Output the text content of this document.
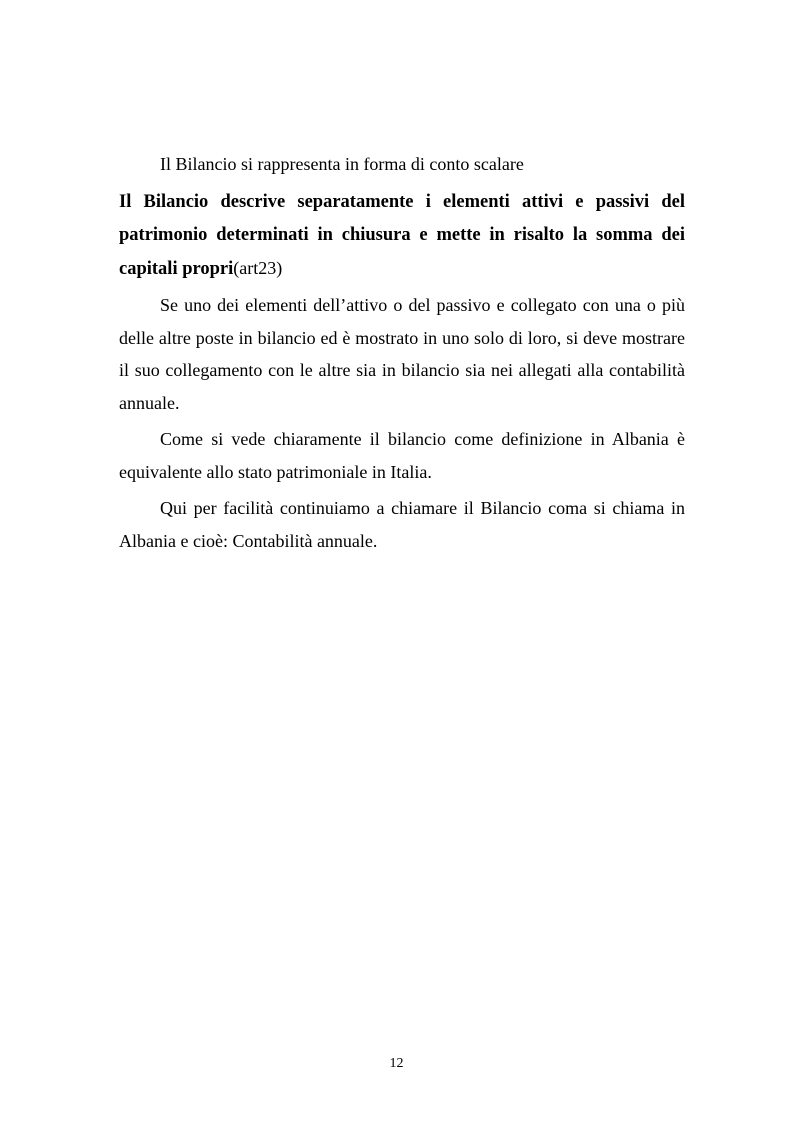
Il Bilancio si rappresenta in forma di conto scalare

Il Bilancio descrive separatamente i elementi attivi e passivi del patrimonio determinati in chiusura e mette in risalto la somma dei capitali propri(art23)

Se uno dei elementi dell’attivo o del passivo e collegato con una o più delle altre poste in bilancio ed è mostrato in uno solo di loro, si deve mostrare il suo collegamento con le altre sia in bilancio sia nei allegati alla contabilità annuale.

Come si vede chiaramente il bilancio come definizione in Albania è equivalente allo stato patrimoniale in Italia.

Qui per facilità continuiamo a chiamare il Bilancio coma si chiama in Albania e cioè: Contabilità annuale.

12
